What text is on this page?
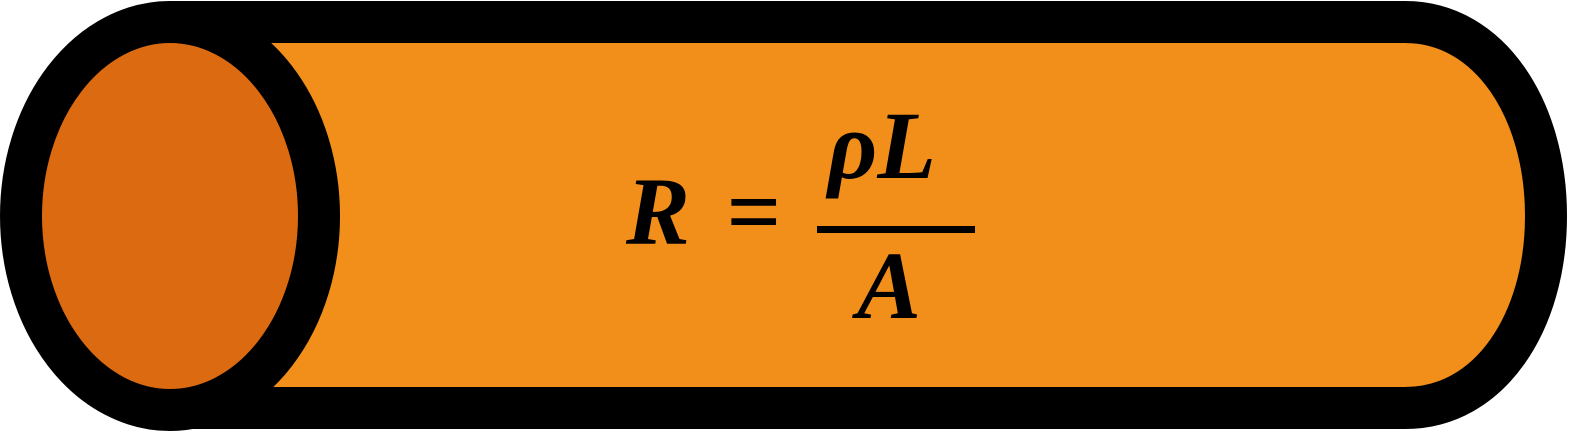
R =
ρL
A
